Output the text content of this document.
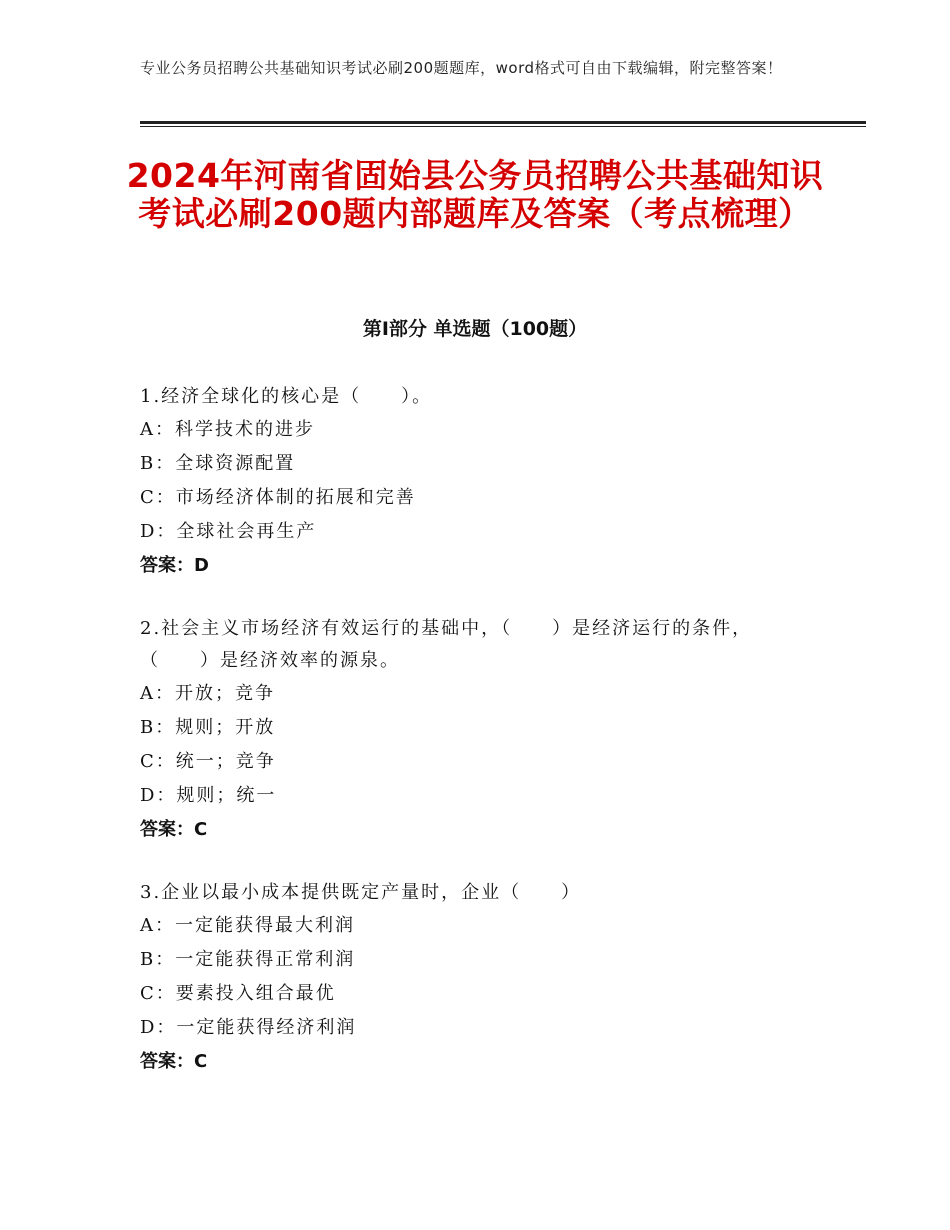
专业公务员招聘公共基础知识考试必刷200题题库，word格式可自由下载编辑，附完整答案！
2024年河南省固始县公务员招聘公共基础知识考试必刷200题内部题库及答案（考点梳理）
第Ⅰ部分 单选题（100题）

1.经济全球化的核心是（　　）。

A：科学技术的进步

B：全球资源配置

C：市场经济体制的拓展和完善

D：全球社会再生产

答案：D

2.社会主义市场经济有效运行的基础中，（　　）是经济运行的条件，（　　）是经济效率的源泉。

A：开放；竞争

B：规则；开放

C：统一；竞争

D：规则；统一

答案：C

3.企业以最小成本提供既定产量时，企业（　　）

A：一定能获得最大利润

B：一定能获得正常利润

C：要素投入组合最优

D：一定能获得经济利润

答案：C
